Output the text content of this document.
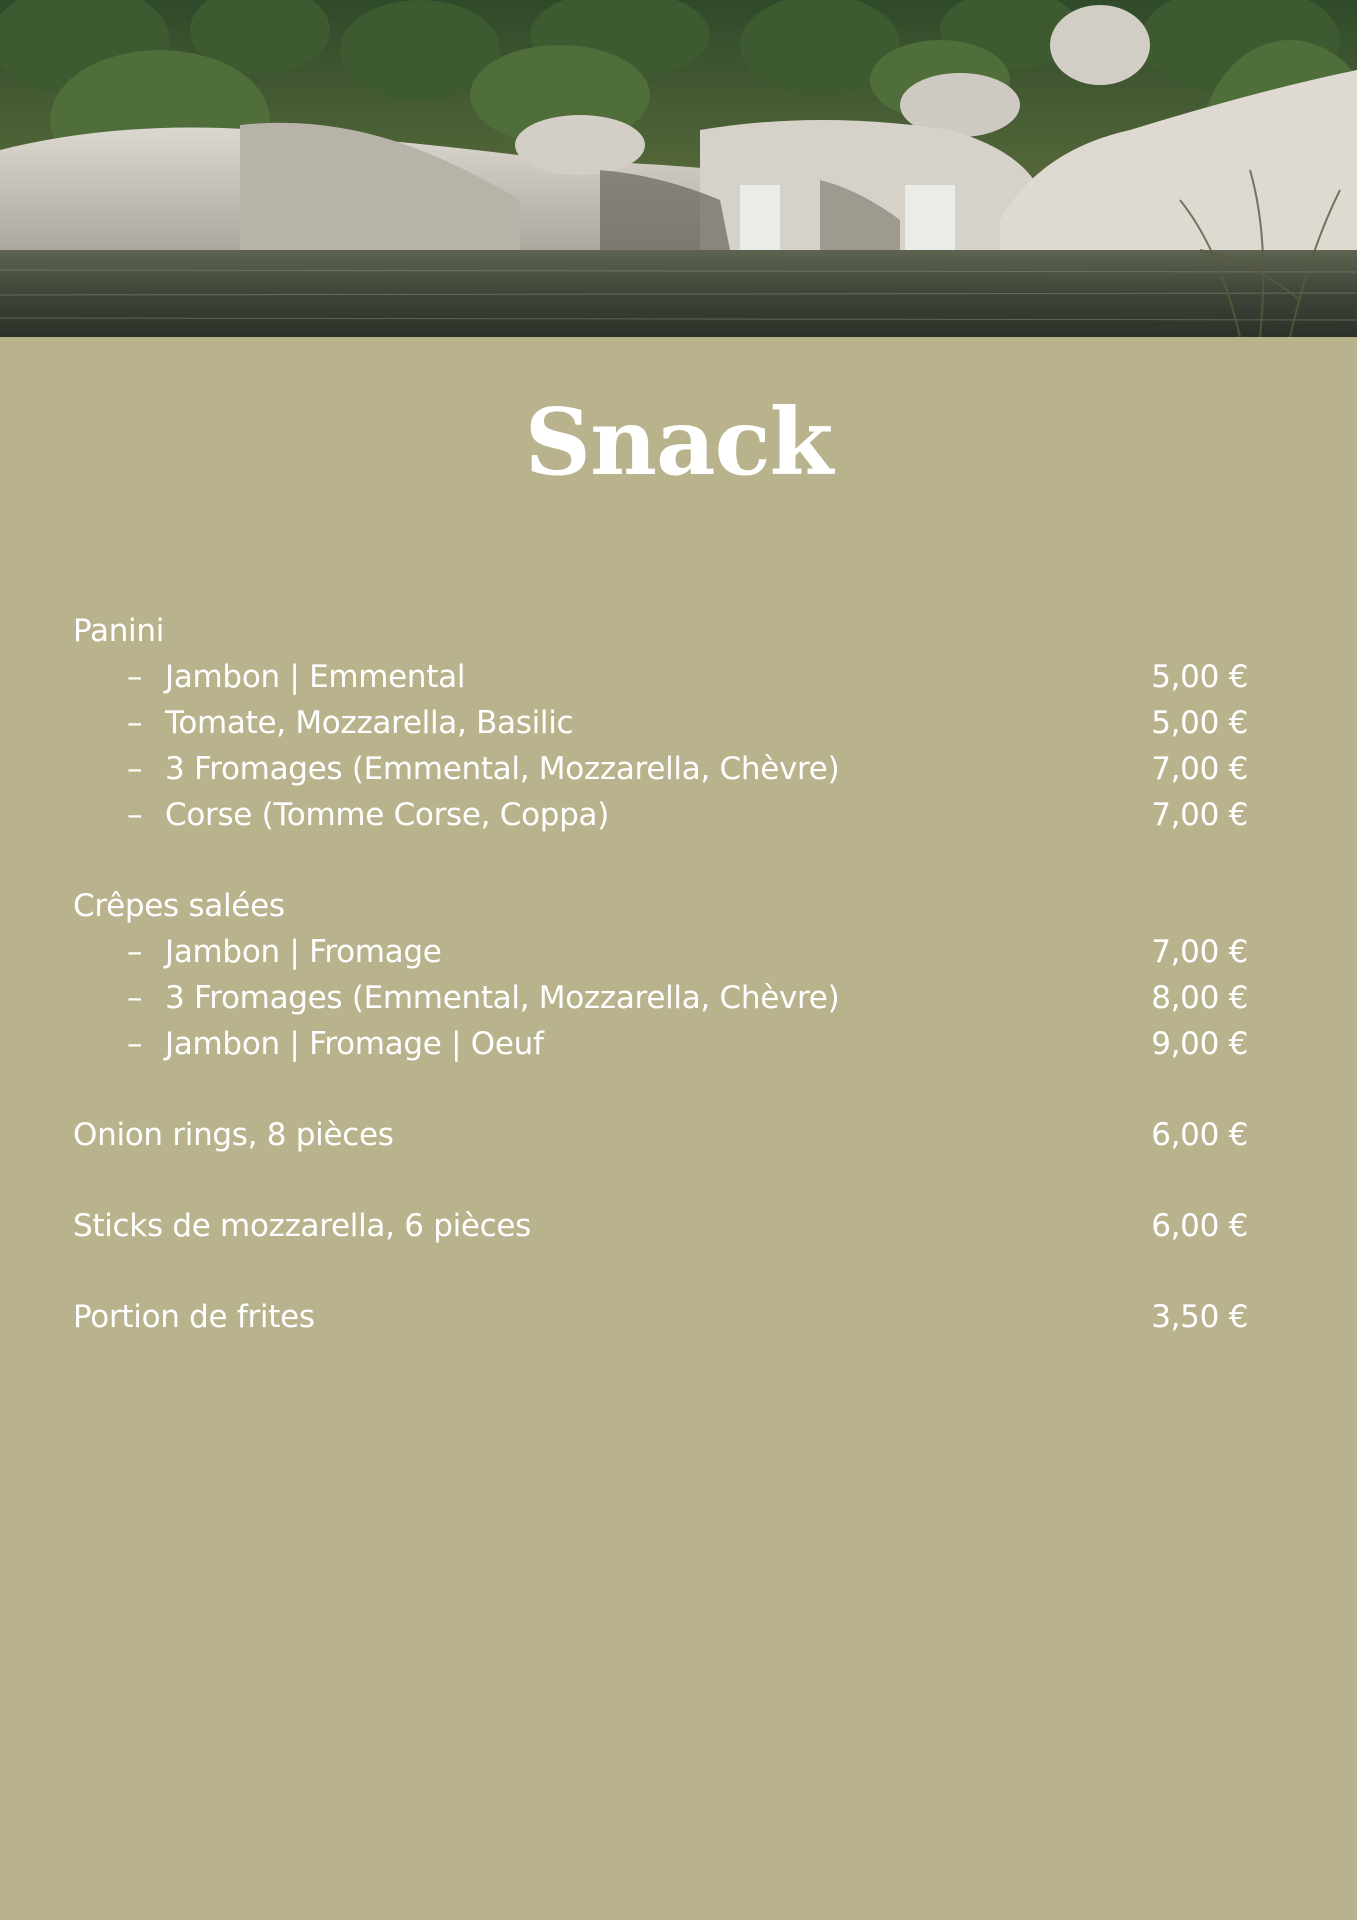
Snack
Panini
– Jambon | Emmental	5,00 €
– Tomate, Mozzarella, Basilic	5,00 €
– 3 Fromages (Emmental, Mozzarella, Chèvre)	7,00 €
– Corse (Tomme Corse, Coppa)	7,00 €
Crêpes salées
– Jambon | Fromage	7,00 €
– 3 Fromages (Emmental, Mozzarella, Chèvre)	8,00 €
– Jambon | Fromage | Oeuf	9,00 €
Onion rings, 8 pièces	6,00 €
Sticks de mozzarella, 6 pièces	6,00 €
Portion de frites	3,50 €
